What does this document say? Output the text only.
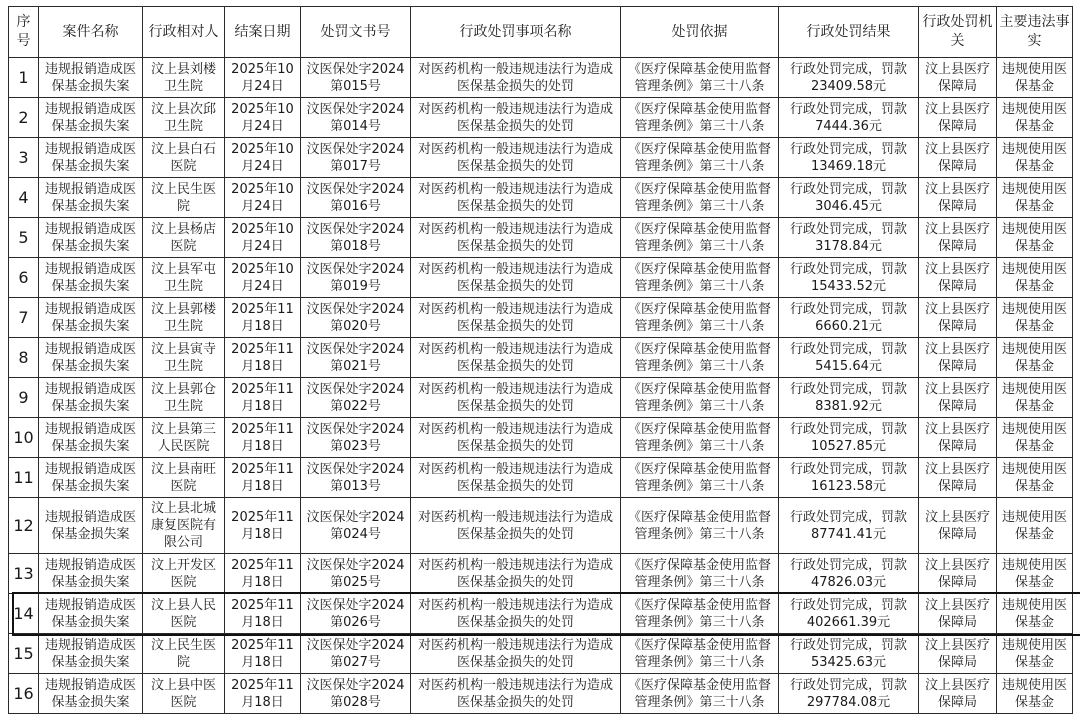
序号	案件名称	行政相对人	结案日期	处罚文书号	行政处罚事项名称	处罚依据	行政处罚结果	行政处罚机关	主要违法事实
1	违规报销造成医保基金损失案	汶上县刘楼卫生院	2025年10月24日	汶医保处字2024第015号	对医药机构一般违规违法行为造成医保基金损失的处罚	《医疗保障基金使用监督管理条例》第三十八条	行政处罚完成，罚款
23409.58元	汶上县医疗保障局	违规使用医保基金
2	违规报销造成医保基金损失案	汶上县次邱卫生院	2025年10月24日	汶医保处字2024第014号	对医药机构一般违规违法行为造成医保基金损失的处罚	《医疗保障基金使用监督管理条例》第三十八条	行政处罚完成，罚款
7444.36元	汶上县医疗保障局	违规使用医保基金
3	违规报销造成医保基金损失案	汶上县白石医院	2025年10月24日	汶医保处字2024第017号	对医药机构一般违规违法行为造成医保基金损失的处罚	《医疗保障基金使用监督管理条例》第三十八条	行政处罚完成，罚款
13469.18元	汶上县医疗保障局	违规使用医保基金
4	违规报销造成医保基金损失案	汶上民生医院	2025年10月24日	汶医保处字2024第016号	对医药机构一般违规违法行为造成医保基金损失的处罚	《医疗保障基金使用监督管理条例》第三十八条	行政处罚完成，罚款
3046.45元	汶上县医疗保障局	违规使用医保基金
5	违规报销造成医保基金损失案	汶上县杨店医院	2025年10月24日	汶医保处字2024第018号	对医药机构一般违规违法行为造成医保基金损失的处罚	《医疗保障基金使用监督管理条例》第三十八条	行政处罚完成，罚款
3178.84元	汶上县医疗保障局	违规使用医保基金
6	违规报销造成医保基金损失案	汶上县军屯卫生院	2025年10月24日	汶医保处字2024第019号	对医药机构一般违规违法行为造成医保基金损失的处罚	《医疗保障基金使用监督管理条例》第三十八条	行政处罚完成，罚款
15433.52元	汶上县医疗保障局	违规使用医保基金
7	违规报销造成医保基金损失案	汶上县郭楼卫生院	2025年11月18日	汶医保处字2024第020号	对医药机构一般违规违法行为造成医保基金损失的处罚	《医疗保障基金使用监督管理条例》第三十八条	行政处罚完成，罚款
6660.21元	汶上县医疗保障局	违规使用医保基金
8	违规报销造成医保基金损失案	汶上县寅寺卫生院	2025年11月18日	汶医保处字2024第021号	对医药机构一般违规违法行为造成医保基金损失的处罚	《医疗保障基金使用监督管理条例》第三十八条	行政处罚完成，罚款
5415.64元	汶上县医疗保障局	违规使用医保基金
9	违规报销造成医保基金损失案	汶上县郭仓卫生院	2025年11月18日	汶医保处字2024第022号	对医药机构一般违规违法行为造成医保基金损失的处罚	《医疗保障基金使用监督管理条例》第三十八条	行政处罚完成，罚款
8381.92元	汶上县医疗保障局	违规使用医保基金
10	违规报销造成医保基金损失案	汶上县第三人民医院	2025年11月18日	汶医保处字2024第023号	对医药机构一般违规违法行为造成医保基金损失的处罚	《医疗保障基金使用监督管理条例》第三十八条	行政处罚完成，罚款
10527.85元	汶上县医疗保障局	违规使用医保基金
11	违规报销造成医保基金损失案	汶上县南旺医院	2025年11月18日	汶医保处字2024第013号	对医药机构一般违规违法行为造成医保基金损失的处罚	《医疗保障基金使用监督管理条例》第三十八条	行政处罚完成，罚款
16123.58元	汶上县医疗保障局	违规使用医保基金
12	违规报销造成医保基金损失案	汶上县北城康复医院有限公司	2025年11月18日	汶医保处字2024第024号	对医药机构一般违规违法行为造成医保基金损失的处罚	《医疗保障基金使用监督管理条例》第三十八条	行政处罚完成，罚款
87741.41元	汶上县医疗保障局	违规使用医保基金
13	违规报销造成医保基金损失案	汶上开发区医院	2025年11月18日	汶医保处字2024第025号	对医药机构一般违规违法行为造成医保基金损失的处罚	《医疗保障基金使用监督管理条例》第三十八条	行政处罚完成，罚款
47826.03元	汶上县医疗保障局	违规使用医保基金
14	违规报销造成医保基金损失案	汶上县人民医院	2025年11月18日	汶医保处字2024第026号	对医药机构一般违规违法行为造成医保基金损失的处罚	《医疗保障基金使用监督管理条例》第三十八条	行政处罚完成，罚款
402661.39元	汶上县医疗保障局	违规使用医保基金
15	违规报销造成医保基金损失案	汶上民生医院	2025年11月18日	汶医保处字2024第027号	对医药机构一般违规违法行为造成医保基金损失的处罚	《医疗保障基金使用监督管理条例》第三十八条	行政处罚完成，罚款
53425.63元	汶上县医疗保障局	违规使用医保基金
16	违规报销造成医保基金损失案	汶上县中医医院	2025年11月18日	汶医保处字2024第028号	对医药机构一般违规违法行为造成医保基金损失的处罚	《医疗保障基金使用监督管理条例》第三十八条	行政处罚完成，罚款
297784.08元	汶上县医疗保障局	违规使用医保基金
